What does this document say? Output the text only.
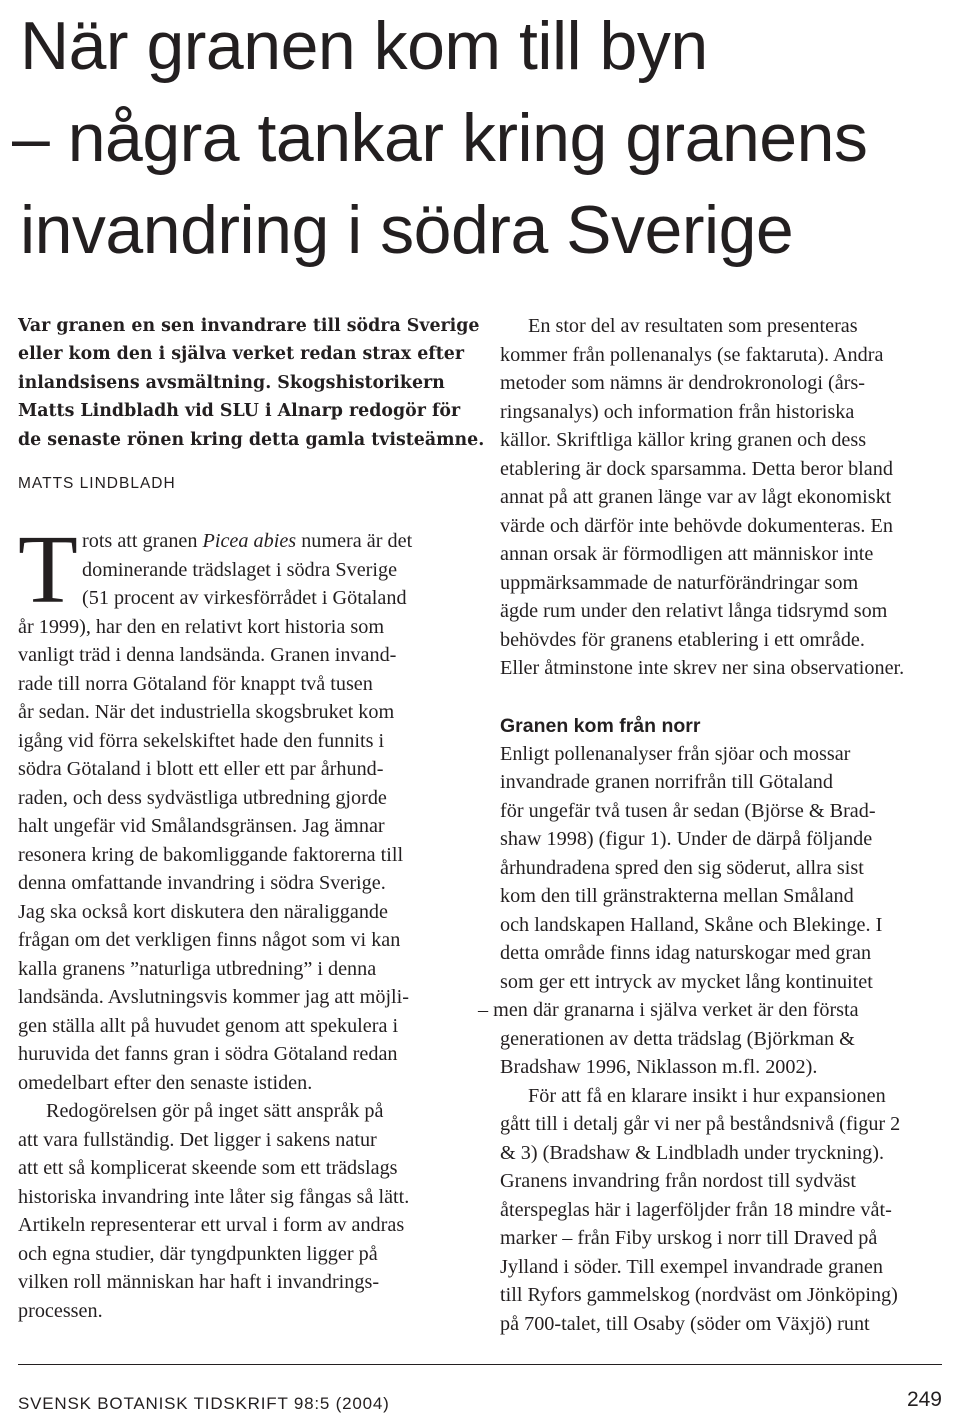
När granen kom till byn
– några tankar kring granens
invandring i södra Sverige

Var granen en sen invandrare till södra Sverige
eller kom den i själva verket redan strax efter
inlandsisens avsmältning. Skogshistorikern
Matts Lindbladh vid SLU i Alnarp redogör för
de senaste rönen kring detta gamla tvisteämne.

MATTS LINDBLADH
T rots att granen Picea abies numera är det
dominerande trädslaget i södra Sverige
(51 procent av virkesförrådet i Götaland
år 1999), har den en relativt kort historia som
vanligt träd i denna landsända. Granen invand-
rade till norra Götaland för knappt två tusen
år sedan. När det industriella skogsbruket kom
igång vid förra sekelskiftet hade den funnits i
södra Götaland i blott ett eller ett par århund-
raden, och dess sydvästliga utbredning gjorde
halt ungefär vid Smålandsgränsen. Jag ämnar
resonera kring de bakomliggande faktorerna till
denna omfattande invandring i södra Sverige.
Jag ska också kort diskutera den näraliggande
frågan om det verkligen finns något som vi kan
kalla granens ”naturliga utbredning” i denna
landsända. Avslutningsvis kommer jag att möjli-
gen ställa allt på huvudet genom att spekulera i
huruvida det fanns gran i södra Götaland redan
omedelbart efter den senaste istiden.

Redogörelsen gör på inget sätt anspråk på
att vara fullständig. Det ligger i sakens natur
att ett så komplicerat skeende som ett trädslags
historiska invandring inte låter sig fångas så lätt.
Artikeln representerar ett urval i form av andras
och egna studier, där tyngdpunkten ligger på
vilken roll människan har haft i invandrings-
processen.

En stor del av resultaten som presenteras
kommer från pollenanalys (se faktaruta). Andra
metoder som nämns är dendrokronologi (års-
ringsanalys) och information från historiska
källor. Skriftliga källor kring granen och dess
etablering är dock sparsamma. Detta beror bland
annat på att granen länge var av lågt ekonomiskt
värde och därför inte behövde dokumenteras. En
annan orsak är förmodligen att människor inte
uppmärksammade de naturförändringar som
ägde rum under den relativt långa tidsrymd som
behövdes för granens etablering i ett område.
Eller åtminstone inte skrev ner sina observationer.

Granen kom från norr

Enligt pollenanalyser från sjöar och mossar
invandrade granen norrifrån till Götaland
för ungefär två tusen år sedan (Björse & Brad-
shaw 1998) (figur 1). Under de därpå följande
århundradena spred den sig söderut, allra sist
kom den till gränstrakterna mellan Småland
och landskapen Halland, Skåne och Blekinge. I
detta område finns idag naturskogar med gran
som ger ett intryck av mycket lång kontinuitet
– men där granarna i själva verket är den första
generationen av detta trädslag (Björkman &
Bradshaw 1996, Niklasson m.fl. 2002).

För att få en klarare insikt i hur expansionen
gått till i detalj går vi ner på beståndsnivå (figur 2
& 3) (Bradshaw & Lindbladh under tryckning).
Granens invandring från nordost till sydväst
återspeglas här i lagerföljder från 18 mindre våt-
marker – från Fiby urskog i norr till Draved på
Jylland i söder. Till exempel invandrade granen
till Ryfors gammelskog (nordväst om Jönköping)
på 700-talet, till Osaby (söder om Växjö) runt

SVENSK BOTANISK TIDSKRIFT 98:5 (2004)	249
